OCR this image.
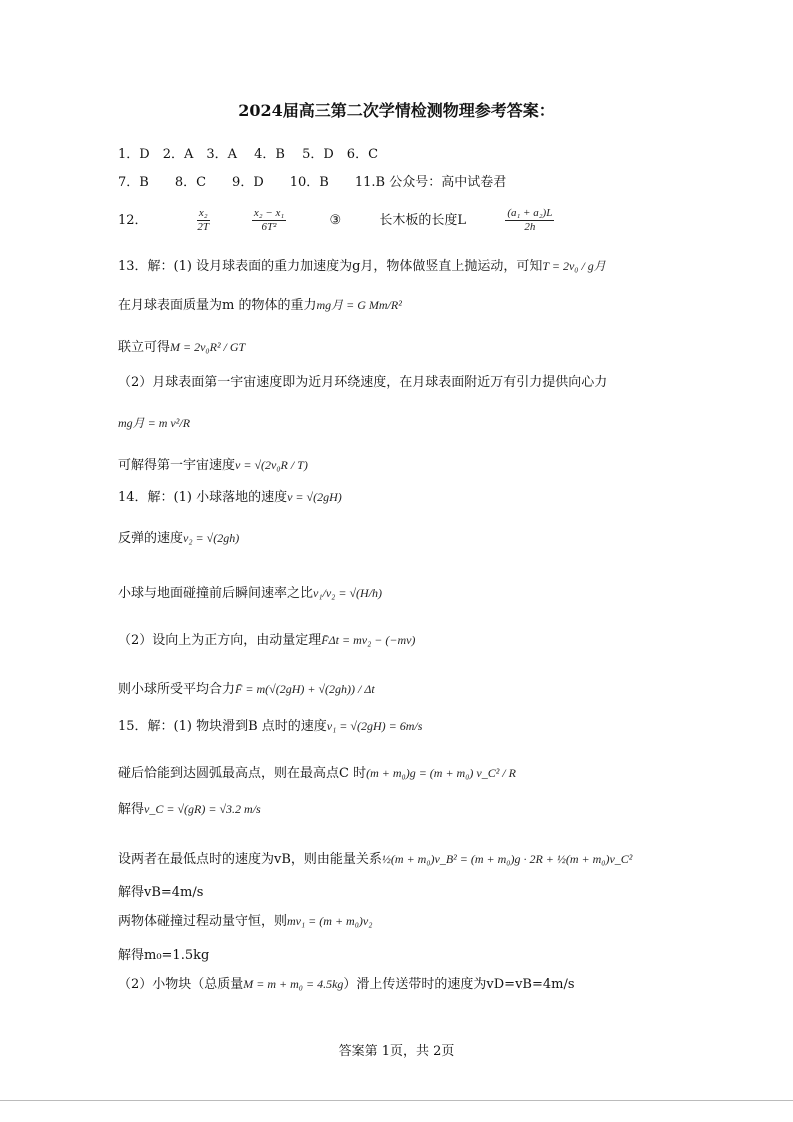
2024届高三第二次学情检测物理参考答案：
1．D　2．A　3．A　 4．B　 5．D　6．C
7．B　　8．C　　9．D　　10．B　　11.B 公众号：高中试卷君
12．	$\frac{\text{x₂}}{2T}$
	$\frac{\text{x₂ − x₁}}{\text{6T²}}$	③	长木板的长度L	$\frac{\text{(a₁ + a₂)L}}{2h}$
13．解：(1) 设月球表面的重力加速度为g月，物体做竖直上抛运动，可知T = 2v₀ / g月
在月球表面质量为m 的物体的重力mg月 = G Mm/R²
联立可得M = 2v₀R² / GT
（2）月球表面第一宇宙速度即为近月环绕速度，在月球表面附近万有引力提供向心力
mg月 = m v²/R
可解得第一宇宙速度v = √(2v₀R / T)
14．解：(1) 小球落地的速度v = √(2gH)
反弹的速度v₂ = √(2gh)
小球与地面碰撞前后瞬间速率之比v₁/v₂ = √(H/h)
（2）设向上为正方向，由动量定理F̄Δt = mv₂ − (−mv)
则小球所受平均合力F̄ = m(√(2gH) + √(2gh)) / Δt
15．解：(1) 物块滑到B 点时的速度v₁ = √(2gH) = 6m/s
碰后恰能到达圆弧最高点，则在最高点C 时(m + m₀)g = (m + m₀) v_C² / R
解得v_C = √(gR) = √3.2 m/s
设两者在最低点时的速度为vB，则由能量关系½(m + m₀)v_B² = (m + m₀)g · 2R + ½(m + m₀)v_C²
解得vB=4m/s
两物体碰撞过程动量守恒，则mv₁ = (m + m₀)v₂
解得m₀=1.5kg
（2）小物块（总质量M = m + m₀ = 4.5kg）滑上传送带时的速度为vD=vB=4m/s
答案第 1页，共 2页
